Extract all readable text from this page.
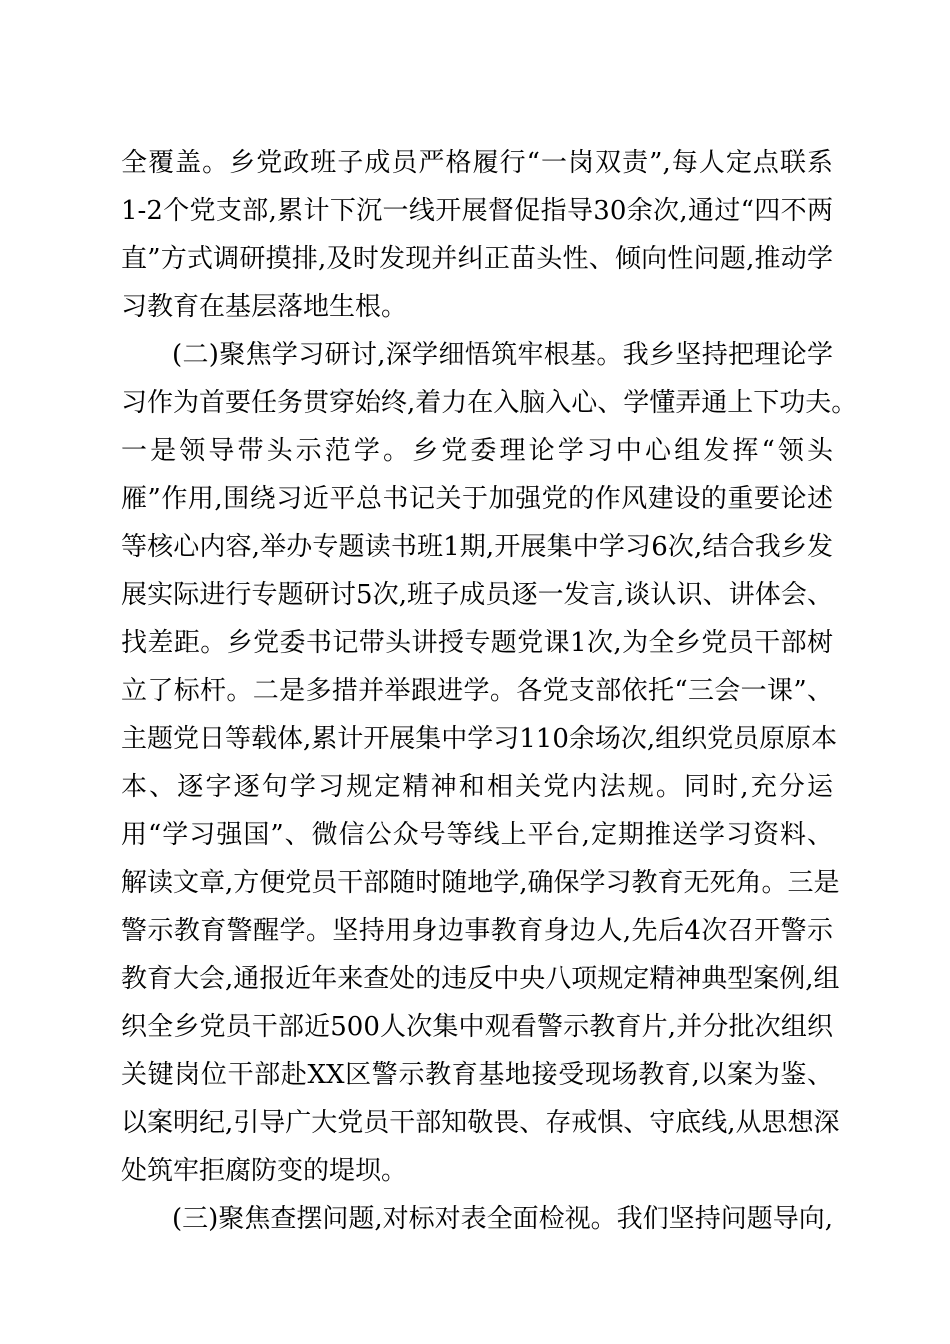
全覆盖。乡党政班子成员严格履行“一岗双责”,每人定点联系
1-2个党支部,累计下沉一线开展督促指导30余次,通过“四不两
直”方式调研摸排,及时发现并纠正苗头性、倾向性问题,推动学
习教育在基层落地生根。
(二)聚焦学习研讨,深学细悟筑牢根基。我乡坚持把理论学
习作为首要任务贯穿始终,着力在入脑入心、学懂弄通上下功夫。
一是领导带头示范学。乡党委理论学习中心组发挥“领头
雁”作用,围绕习近平总书记关于加强党的作风建设的重要论述
等核心内容,举办专题读书班1期,开展集中学习6次,结合我乡发
展实际进行专题研讨5次,班子成员逐一发言,谈认识、讲体会、
找差距。乡党委书记带头讲授专题党课1次,为全乡党员干部树
立了标杆。二是多措并举跟进学。各党支部依托“三会一课”、
主题党日等载体,累计开展集中学习110余场次,组织党员原原本
本、逐字逐句学习规定精神和相关党内法规。同时,充分运
用“学习强国”、微信公众号等线上平台,定期推送学习资料、
解读文章,方便党员干部随时随地学,确保学习教育无死角。三是
警示教育警醒学。坚持用身边事教育身边人,先后4次召开警示
教育大会,通报近年来查处的违反中央八项规定精神典型案例,组
织全乡党员干部近500人次集中观看警示教育片,并分批次组织
关键岗位干部赴XX区警示教育基地接受现场教育,以案为鉴、
以案明纪,引导广大党员干部知敬畏、存戒惧、守底线,从思想深
处筑牢拒腐防变的堤坝。
(三)聚焦查摆问题,对标对表全面检视。我们坚持问题导向,
